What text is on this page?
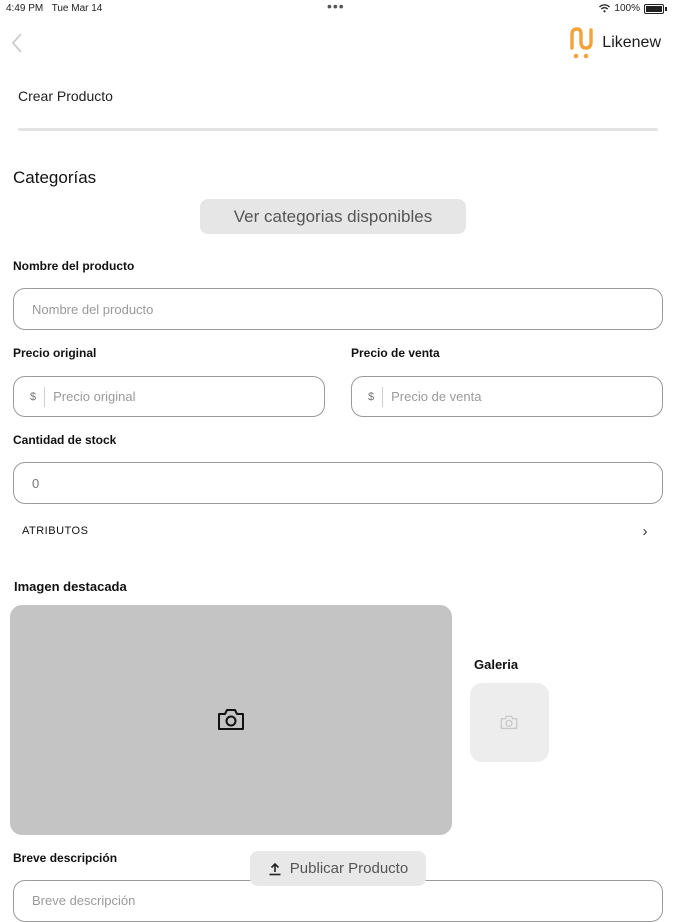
4:49 PM Tue Mar 14	•••	100%
Likenew
Crear Producto
Categorías
Ver categorias disponibles
Nombre del producto
Nombre del producto
Precio original
$	Precio original
Precio de venta
$	Precio de venta
Cantidad de stock
0
ATRIBUTOS	›
Imagen destacada
Galeria
Breve descripción
Breve descripción
Publicar Producto
